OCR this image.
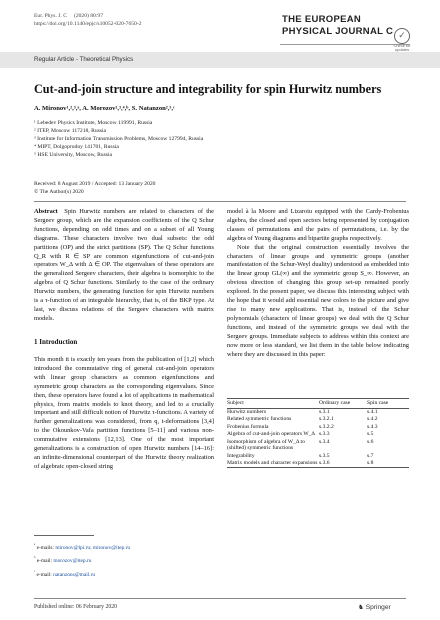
Eur. Phys. J. C (2020) 80:97
https://doi.org/10.1140/epjc/s10052-020-7650-2	THE EUROPEAN
PHYSICAL JOURNAL C ✓
Check for updates
Regular Article - Theoretical Physics
Cut-and-join structure and integrability for spin Hurwitz numbers
A. Mironov¹,²,³,ᵃ, A. Morozov²,³,⁴,ᵇ, S. Natanzon²,⁵,ᶜ
¹ Lebedev Physics Institute, Moscow 119991, Russia
² ITEP, Moscow 117218, Russia
³ Institute for Information Transmission Problems, Moscow 127994, Russia
⁴ MIPT, Dolgoprudny 141701, Russia
⁵ HSE University, Moscow, Russia
Received: 8 August 2019 / Accepted: 13 January 2020
© The Author(s) 2020

Abstract Spin Hurwitz numbers are related to characters of the Sergeev group, which are the expansion coefficients of the Q Schur functions, depending on odd times and on a subset of all Young diagrams. These characters involve two dual subsets: the odd partitions (OP) and the strict partitions (SP). The Q Schur functions Q_R with R ∈ SP are common eigenfunctions of cut-and-join operators W_Δ with Δ ∈ OP. The eigenvalues of these operators are the generalized Sergeev characters, their algebra is isomorphic to the algebra of Q Schur functions. Similarly to the case of the ordinary Hurwitz numbers, the generating function for spin Hurwitz numbers is a τ-function of an integrable hierarchy, that is, of the BKP type. At last, we discuss relations of the Sergeev characters with matrix models.

1 Introduction

This month it is exactly ten years from the publication of [1,2] which introduced the commutative ring of general cut-and-join operators with linear group characters as common eigenfunctions and symmetric group characters as the corresponding eigenvalues. Since then, these operators have found a lot of applications in mathematical physics, from matrix models to knot theory, and led to a crucially important and still difficult notion of Hurwitz τ-functions. A variety of further generalizations was considered, from q, t-deformations [3,4] to the Okounkov-Vafa partition functions [5–11] and various non-commutative extensions [12,13]. One of the most important generalizations is a construction of open Hurwitz numbers [14–16]: an infinite-dimensional counterpart of the Hurwitz theory realization of algebraic open-closed string

model à la Moore and Lizaroiu equipped with the Cardy-Frobenius algebra, the closed and open sectors being represented by conjugation classes of permutations and the pairs of permutations, i.e. by the algebra of Young diagrams and bipartite graphs respectively.

Note that the original construction essentially involves the characters of linear groups and symmetric groups (another manifestation of the Schur-Weyl duality) understood as embedded into the linear group GL(∞) and the symmetric group S_∞. However, an obvious direction of changing this group set-up remained poorly explored. In the present paper, we discuss this interesting subject with the hope that it would add essential new colors to the picture and give rise to many new applications. That is, instead of the Schur polynomials (characters of linear groups) we deal with the Q Schur functions, and instead of the symmetric groups we deal with the Sergeev groups. Immediate subjects to address within this context are now more or less standard, we list them in the table below indicating where they are discussed in this paper:

Subject	Ordinary case	Spin case
Hurwitz numbers	s.3.1	s.4.1
Related symmetric functions	s.3.2.1	s.4.2
Frobenius formula	s.3.2.2	s.4.3
Algebra of cut-and-join operators W_Δ	s.3.3	s.5
Isomorphism of algebra of W_Δ to (shifted) symmetric functions	s.3.4	s.6
Integrability	s.3.5	s.7
Matrix models and character expansions	s.3.6	s.8
$^ᵃ$ e-mails: mironov@lpi.ru; mironov@itep.ru
$^ᵇ$ e-mail: morozov@itep.ru
$^ᶜ$ e-mail: natanzons@mail.ru
Published online: 06 February 2020	♞ Springer
